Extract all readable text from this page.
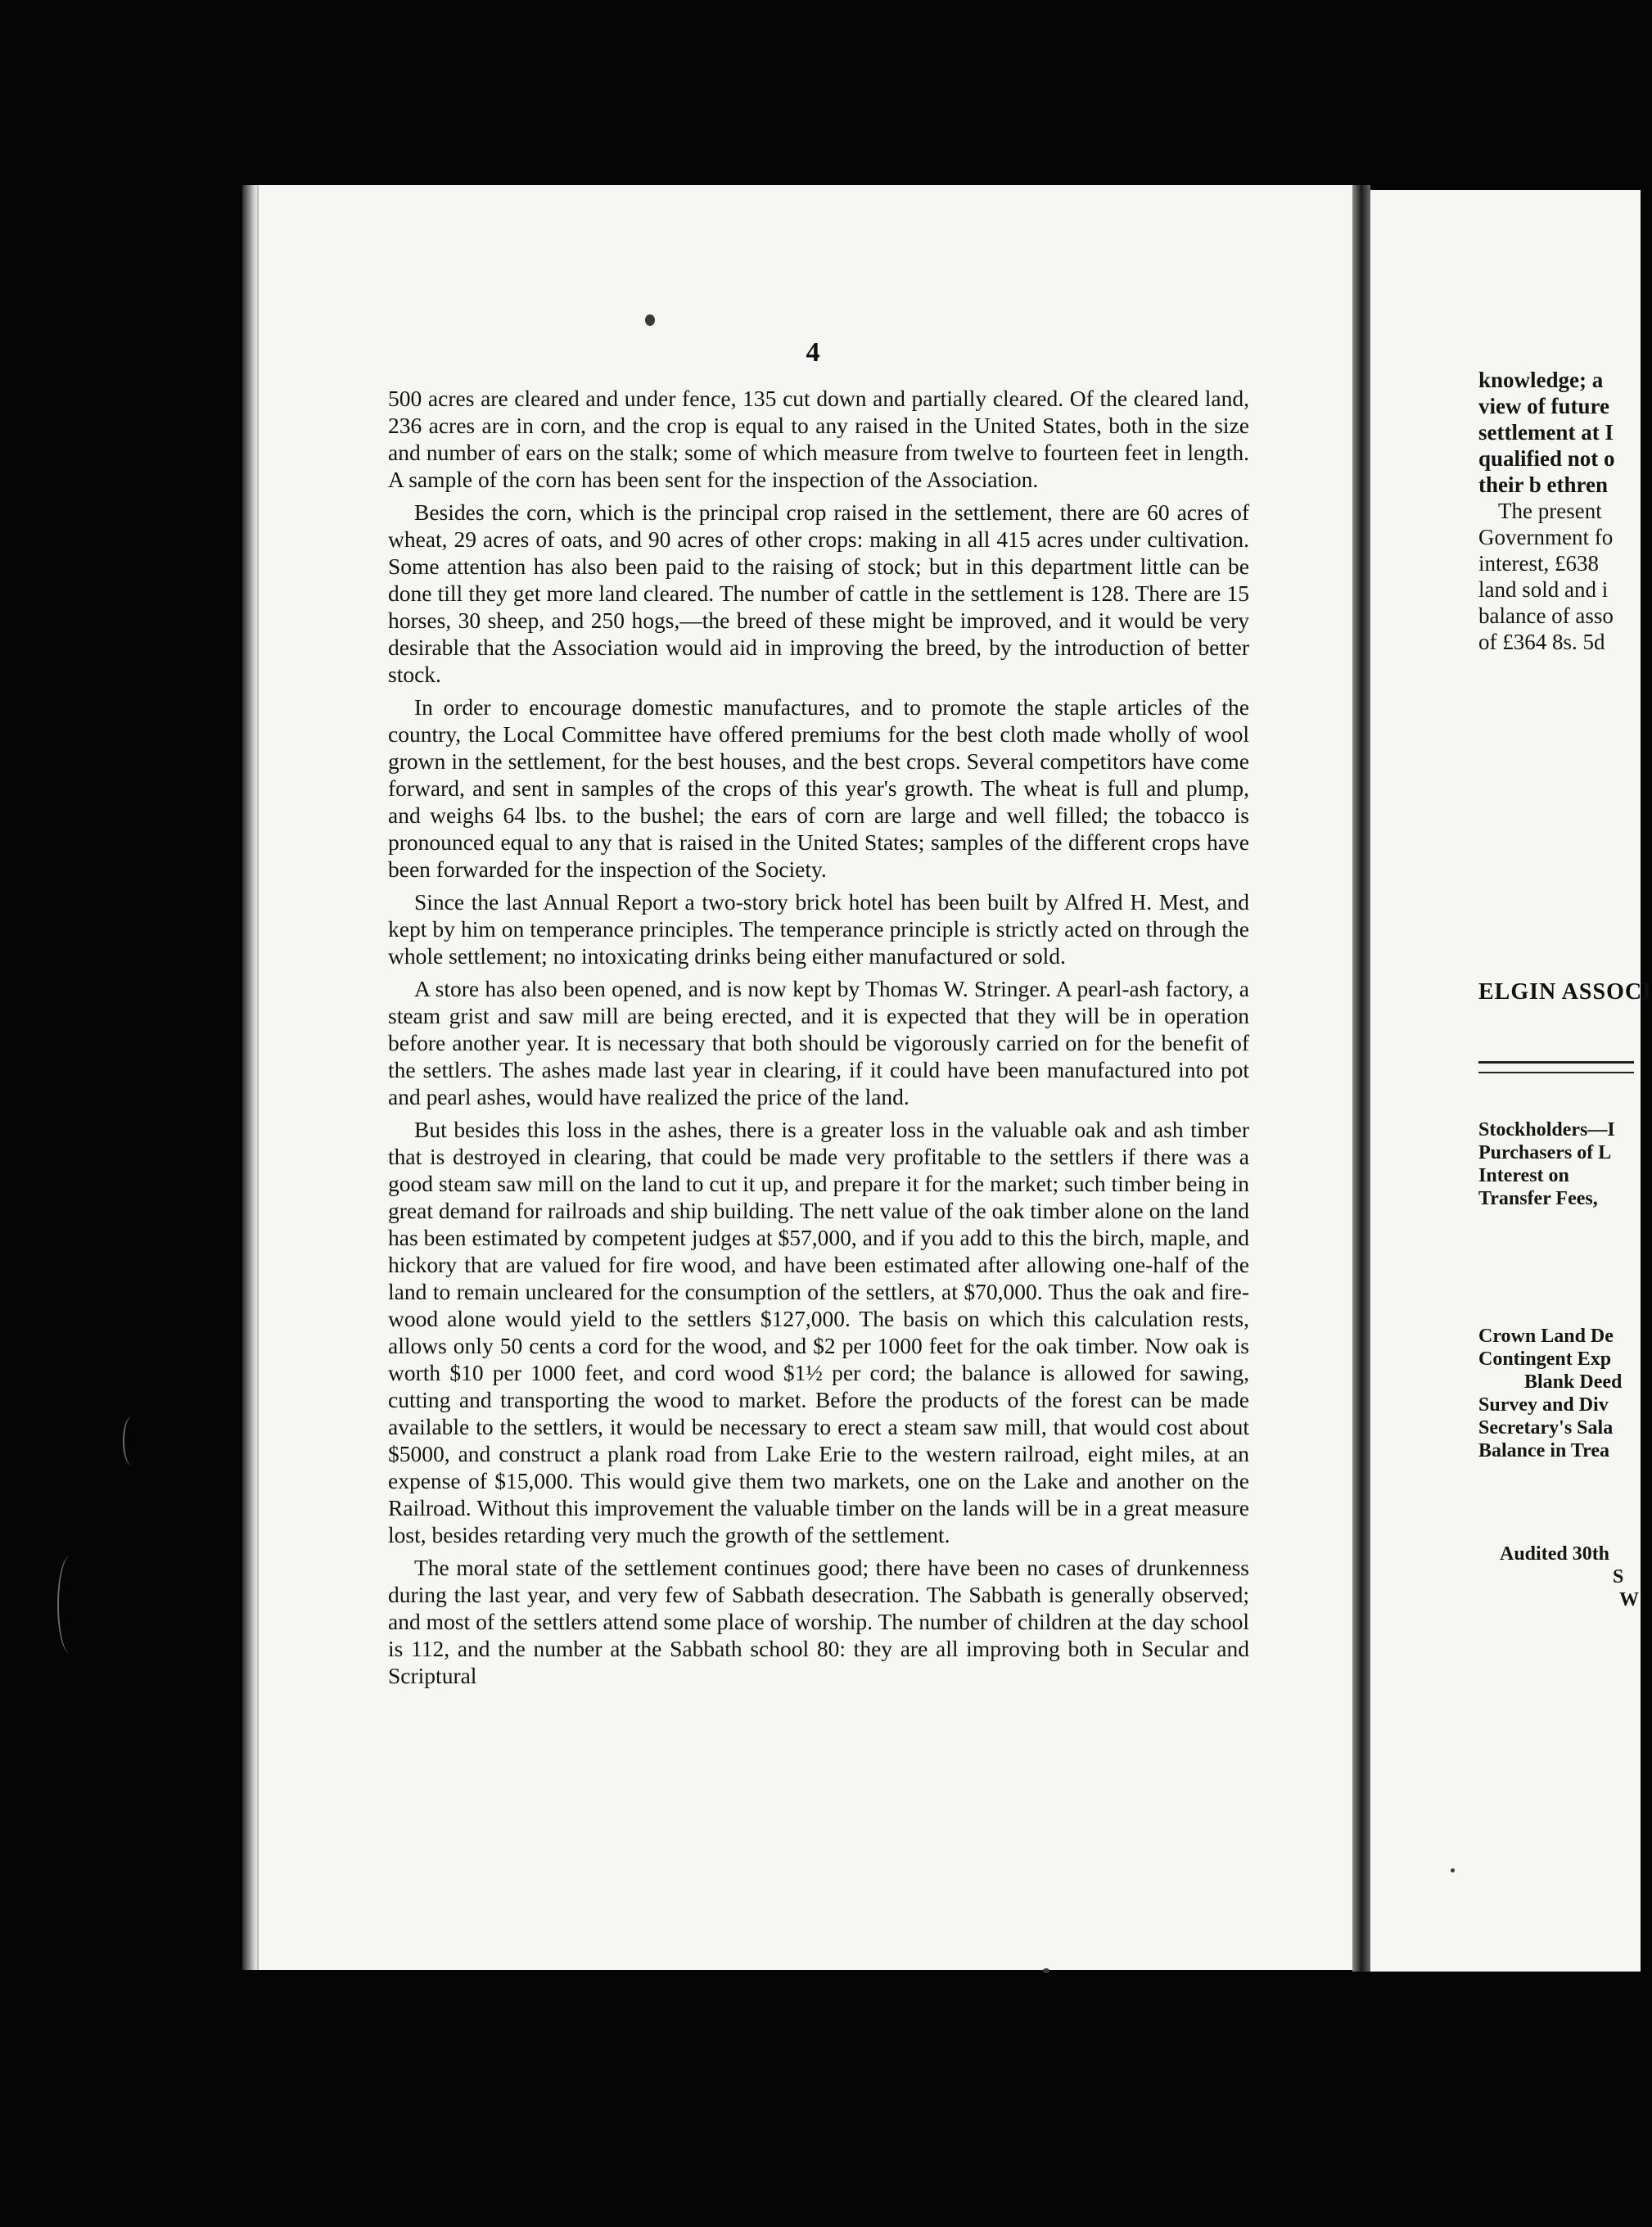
4

500 acres are cleared and under fence, 135 cut down and partially cleared. Of the cleared land, 236 acres are in corn, and the crop is equal to any raised in the United States, both in the size and number of ears on the stalk; some of which measure from twelve to fourteen feet in length. A sample of the corn has been sent for the inspection of the Association.

Besides the corn, which is the principal crop raised in the settlement, there are 60 acres of wheat, 29 acres of oats, and 90 acres of other crops: making in all 415 acres under cultivation. Some attention has also been paid to the raising of stock; but in this department little can be done till they get more land cleared. The number of cattle in the settlement is 128. There are 15 horses, 30 sheep, and 250 hogs,—the breed of these might be improved, and it would be very desirable that the Association would aid in improving the breed, by the introduction of better stock.

In order to encourage domestic manufactures, and to promote the staple articles of the country, the Local Committee have offered premiums for the best cloth made wholly of wool grown in the settlement, for the best houses, and the best crops. Several competitors have come forward, and sent in samples of the crops of this year's growth. The wheat is full and plump, and weighs 64 lbs. to the bushel; the ears of corn are large and well filled; the tobacco is pronounced equal to any that is raised in the United States; samples of the different crops have been forwarded for the inspection of the Society.

Since the last Annual Report a two-story brick hotel has been built by Alfred H. Mest, and kept by him on temperance principles. The temperance principle is strictly acted on through the whole settlement; no intoxicating drinks being either manufactured or sold.

A store has also been opened, and is now kept by Thomas W. Stringer. A pearl-ash factory, a steam grist and saw mill are being erected, and it is expected that they will be in operation before another year. It is necessary that both should be vigorously carried on for the benefit of the settlers. The ashes made last year in clearing, if it could have been manufactured into pot and pearl ashes, would have realized the price of the land.

But besides this loss in the ashes, there is a greater loss in the valuable oak and ash timber that is destroyed in clearing, that could be made very profitable to the settlers if there was a good steam saw mill on the land to cut it up, and prepare it for the market; such timber being in great demand for railroads and ship building. The nett value of the oak timber alone on the land has been estimated by competent judges at $57,000, and if you add to this the birch, maple, and hickory that are valued for fire wood, and have been estimated after allowing one-half of the land to remain uncleared for the consumption of the settlers, at $70,000. Thus the oak and fire-wood alone would yield to the settlers $127,000. The basis on which this calculation rests, allows only 50 cents a cord for the wood, and $2 per 1000 feet for the oak timber. Now oak is worth $10 per 1000 feet, and cord wood $1½ per cord; the balance is allowed for sawing, cutting and transporting the wood to market. Before the products of the forest can be made available to the settlers, it would be necessary to erect a steam saw mill, that would cost about $5000, and construct a plank road from Lake Erie to the western railroad, eight miles, at an expense of $15,000. This would give them two markets, one on the Lake and another on the Railroad. Without this improvement the valuable timber on the lands will be in a great measure lost, besides retarding very much the growth of the settlement.

The moral state of the settlement continues good; there have been no cases of drunkenness during the last year, and very few of Sabbath desecration. The Sabbath is generally observed; and most of the settlers attend some place of worship. The number of children at the day school is 112, and the number at the Sabbath school 80: they are all improving both in Secular and Scriptural

knowledge; a
view of future
settlement at I
qualified not o
their b ethren
The present
Government fo
interest, £638
land sold and i
balance of asso
of £364 8s. 5d
ELGIN ASSOCI
Stockholders—I
Purchasers of L
Interest on
Transfer Fees,
Crown Land De
Contingent Exp
Blank Deed
Survey and Div
Secretary's Sala
Balance in Trea
Audited 30th
S
W
